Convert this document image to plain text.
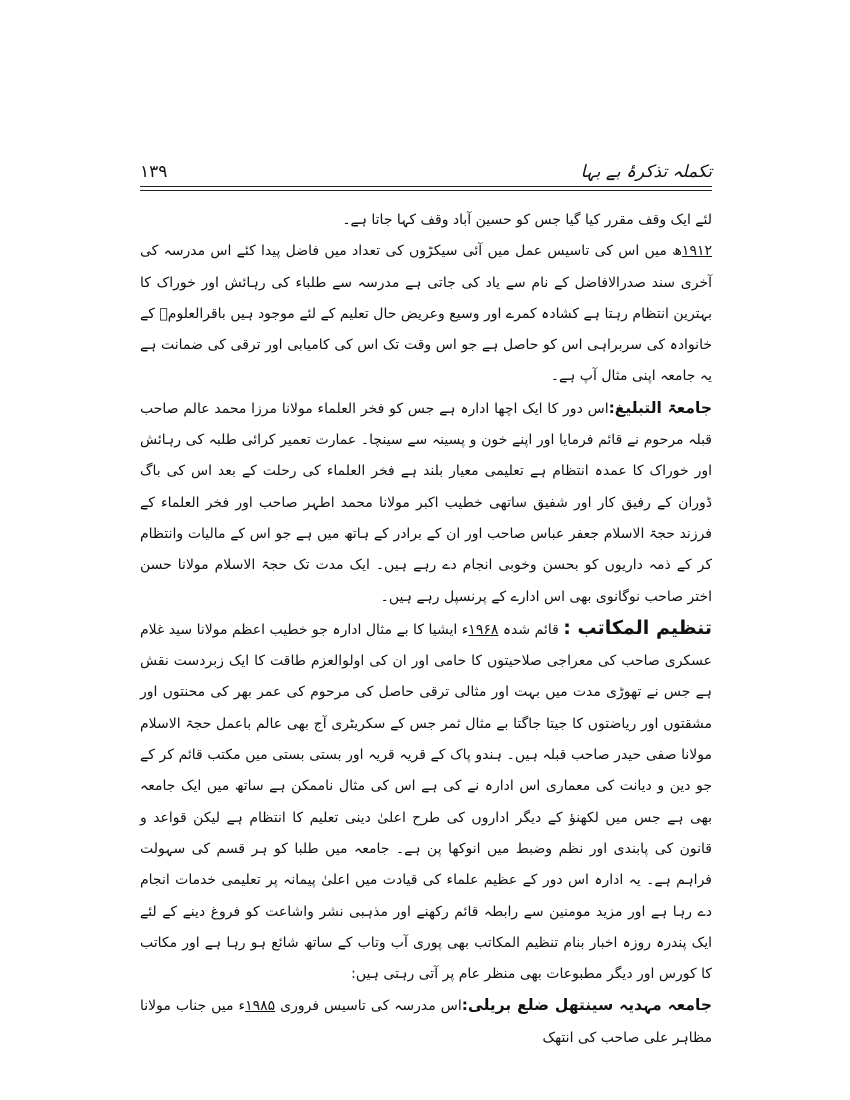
تکملہ تذکرۂ بے بہا
۱۳۹

لئے ایک وقف مقرر کیا گیا جس کو حسین آباد وقف کہا جاتا ہے۔

۱۹۱۲ھ میں اس کی تاسیس عمل میں آئی سیکڑوں کی تعداد میں فاضل پیدا کئے اس مدرسہ کی آخری سند صدرالافاضل کے نام سے یاد کی جاتی ہے مدرسہ سے طلباء کی رہائش اور خوراک کا بہترین انتظام رہتا ہے کشادہ کمرے اور وسیع وعریض حال تعلیم کے لئے موجود ہیں باقرالعلومؒ کے خانوادہ کی سربراہی اس کو حاصل ہے جو اس وقت تک اس کی کامیابی اور ترقی کی ضمانت ہے یہ جامعہ اپنی مثال آپ ہے۔

جامعۃ التبلیغ:اس دور کا ایک اچھا ادارہ ہے جس کو فخر العلماء مولانا مرزا محمد عالم صاحب قبلہ مرحوم نے قائم فرمایا اور اپنے خون و پسینہ سے سینچا۔ عمارت تعمیر کرائی طلبہ کی رہائش اور خوراک کا عمدہ انتظام ہے تعلیمی معیار بلند ہے فخر العلماء کی رحلت کے بعد اس کی باگ ڈوران کے رفیق کار اور شفیق ساتھی خطیب اکبر مولانا محمد اطہر صاحب اور فخر العلماء کے فرزند حجۃ الاسلام جعفر عباس صاحب اور ان کے برادر کے ہاتھ میں ہے جو اس کے مالیات وانتظام کر کے ذمہ داریوں کو بحسن وخوبی انجام دے رہے ہیں۔ ایک مدت تک حجۃ الاسلام مولانا حسن اختر صاحب نوگانوی بھی اس ادارے کے پرنسپل رہے ہیں۔

تنظیم المکاتب : قائم شدہ ۱۹۶۸ء ایشیا کا بے مثال ادارہ جو خطیب اعظم مولانا سید غلام عسکری صاحب کی معراجی صلاحیتوں کا حامی اور ان کی اولوالعزم طاقت کا ایک زبردست نقش ہے جس نے تھوڑی مدت میں بہت اور مثالی ترقی حاصل کی مرحوم کی عمر بھر کی محنتوں اور مشقتوں اور ریاضتوں کا جیتا جاگتا بے مثال ثمر جس کے سکریٹری آج بھی عالم باعمل حجۃ الاسلام مولانا صفی حیدر صاحب قبلہ ہیں۔ ہندو پاک کے قریہ قریہ اور بستی بستی میں مکتب قائم کر کے جو دین و دیانت کی معماری اس ادارہ نے کی ہے اس کی مثال ناممکن ہے ساتھ میں ایک جامعہ بھی ہے جس میں لکھنؤ کے دیگر اداروں کی طرح اعلیٰ دینی تعلیم کا انتظام ہے لیکن قواعد و قانون کی پابندی اور نظم وضبط میں انوکھا پن ہے۔ جامعہ میں طلبا کو ہر قسم کی سہولت فراہم ہے۔ یہ ادارہ اس دور کے عظیم علماء کی قیادت میں اعلیٰ پیمانہ پر تعلیمی خدمات انجام دے رہا ہے اور مزید مومنین سے رابطہ قائم رکھنے اور مذہبی نشر واشاعت کو فروغ دینے کے لئے ایک پندرہ روزہ اخبار بنام تنظیم المکاتب بھی پوری آب وتاب کے ساتھ شائع ہو رہا ہے اور مکاتب کا کورس اور دیگر مطبوعات بھی منظر عام پر آتی رہتی ہیں:

جامعہ مہدیہ سینتھل ضلع بریلی:اس مدرسہ کی تاسیس فروری ۱۹۸۵ء میں جناب مولانا مظاہر علی صاحب کی انتھک
